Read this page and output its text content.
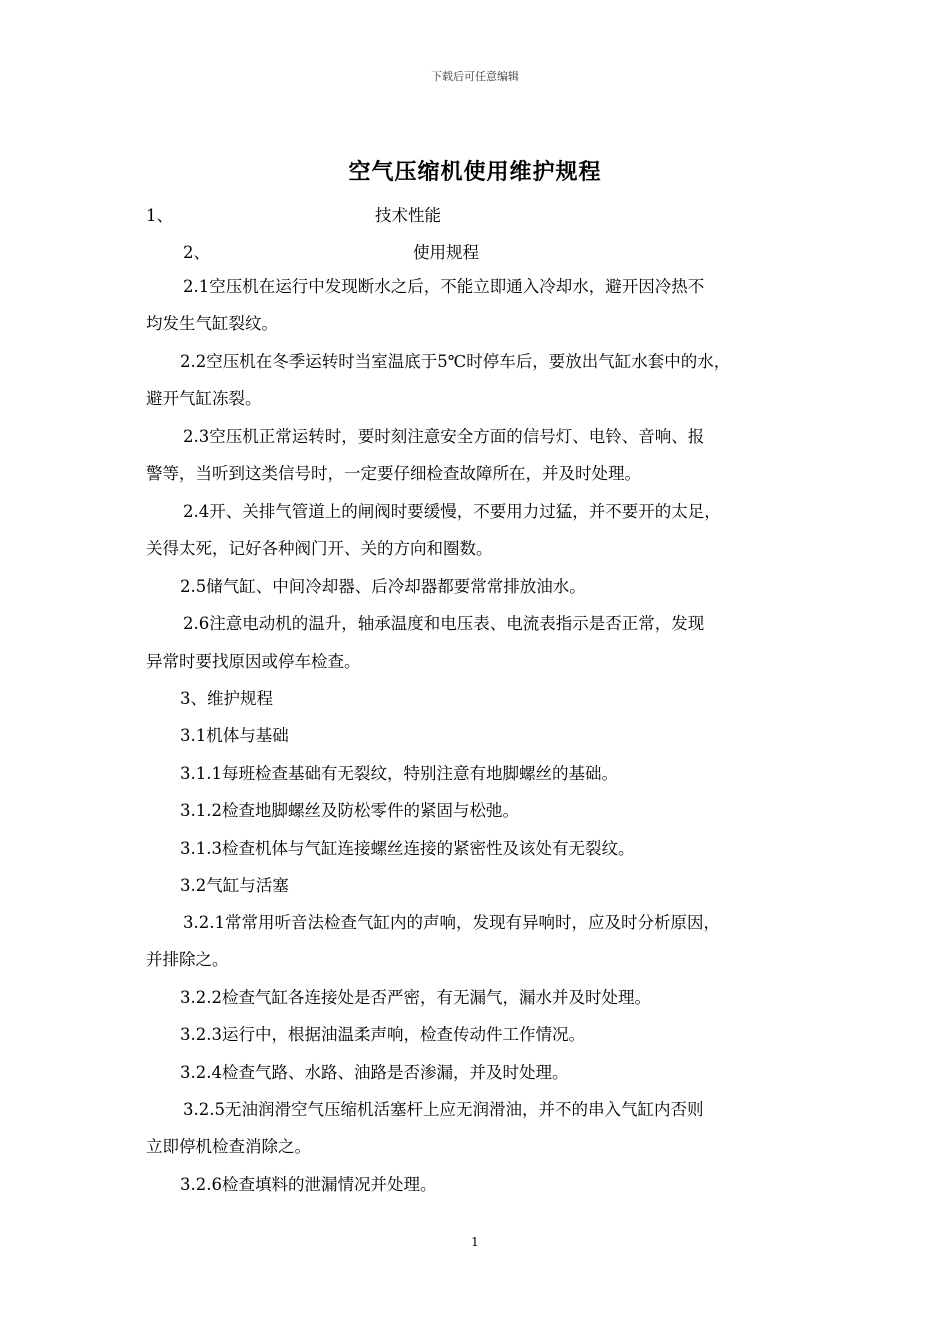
下载后可任意编辑
空气压缩机使用维护规程
1、	技术性能
2、	使用规程
2.1空压机在运行中发现断水之后，不能立即通入冷却水，避开因冷热不
均发生气缸裂纹。
2.2空压机在冬季运转时当室温底于5℃时停车后，要放出气缸水套中的水，
避开气缸冻裂。
2.3空压机正常运转时，要时刻注意安全方面的信号灯、电铃、音响、报
警等，当听到这类信号时，一定要仔细检查故障所在，并及时处理。
2.4开、关排气管道上的闸阀时要缓慢，不要用力过猛，并不要开的太足，
关得太死，记好各种阀门开、关的方向和圈数。
2.5储气缸、中间冷却器、后冷却器都要常常排放油水。
2.6注意电动机的温升，轴承温度和电压表、电流表指示是否正常，发现
异常时要找原因或停车检查。
3、维护规程
3.1机体与基础
3.1.1每班检查基础有无裂纹，特别注意有地脚螺丝的基础。
3.1.2检查地脚螺丝及防松零件的紧固与松弛。
3.1.3检查机体与气缸连接螺丝连接的紧密性及该处有无裂纹。
3.2气缸与活塞
3.2.1常常用听音法检查气缸内的声响，发现有异响时，应及时分析原因，
并排除之。
3.2.2检查气缸各连接处是否严密，有无漏气，漏水并及时处理。
3.2.3运行中，根据油温柔声响，检查传动件工作情况。
3.2.4检查气路、水路、油路是否渗漏，并及时处理。
3.2.5无油润滑空气压缩机活塞杆上应无润滑油，并不的串入气缸内否则
立即停机检查消除之。
3.2.6检查填料的泄漏情况并处理。
1
